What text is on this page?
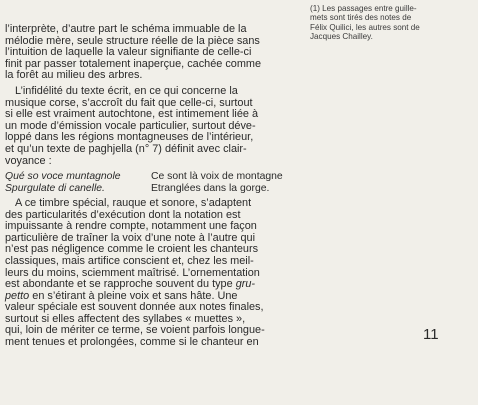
(1) Les passages entre guille-
mets sont tirés des notes de
Félix Quilici, les autres sont de
Jacques Chailley.

l’interprète, d’autre part le schéma immuable de la
mélodie mère, seule structure réelle de la pièce sans
l’intuition de laquelle la valeur signifiante de celle-ci
finit par passer totalement inaperçue, cachée comme
la forêt au milieu des arbres.

L’infidélité du texte écrit, en ce qui concerne la
musique corse, s’accroît du fait que celle-ci, surtout
si elle est vraiment autochtone, est intimement liée à
un mode d’émission vocale particulier, surtout déve-
loppé dans les régions montagneuses de l’intérieur,
et qu’un texte de paghjella (n° 7) définit avec clair-
voyance :

Qué so voce muntagnole	Ce sont là voix de montagne
Spurgulate di canelle.	Etranglées dans la gorge.

A ce timbre spécial, rauque et sonore, s’adaptent
des particularités d’exécution dont la notation est
impuissante à rendre compte, notamment une façon
particulière de traîner la voix d’une note à l’autre qui
n’est pas négligence comme le croient les chanteurs
classiques, mais artifice conscient et, chez les meil-
leurs du moins, sciemment maîtrisé. L’ornementation
est abondante et se rapproche souvent du type gru-
petto en s’étirant à pleine voix et sans hâte. Une
valeur spéciale est souvent donnée aux notes finales,
surtout si elles affectent des syllabes « muettes »,
qui, loin de mériter ce terme, se voient parfois longue-
ment tenues et prolongées, comme si le chanteur en	11
